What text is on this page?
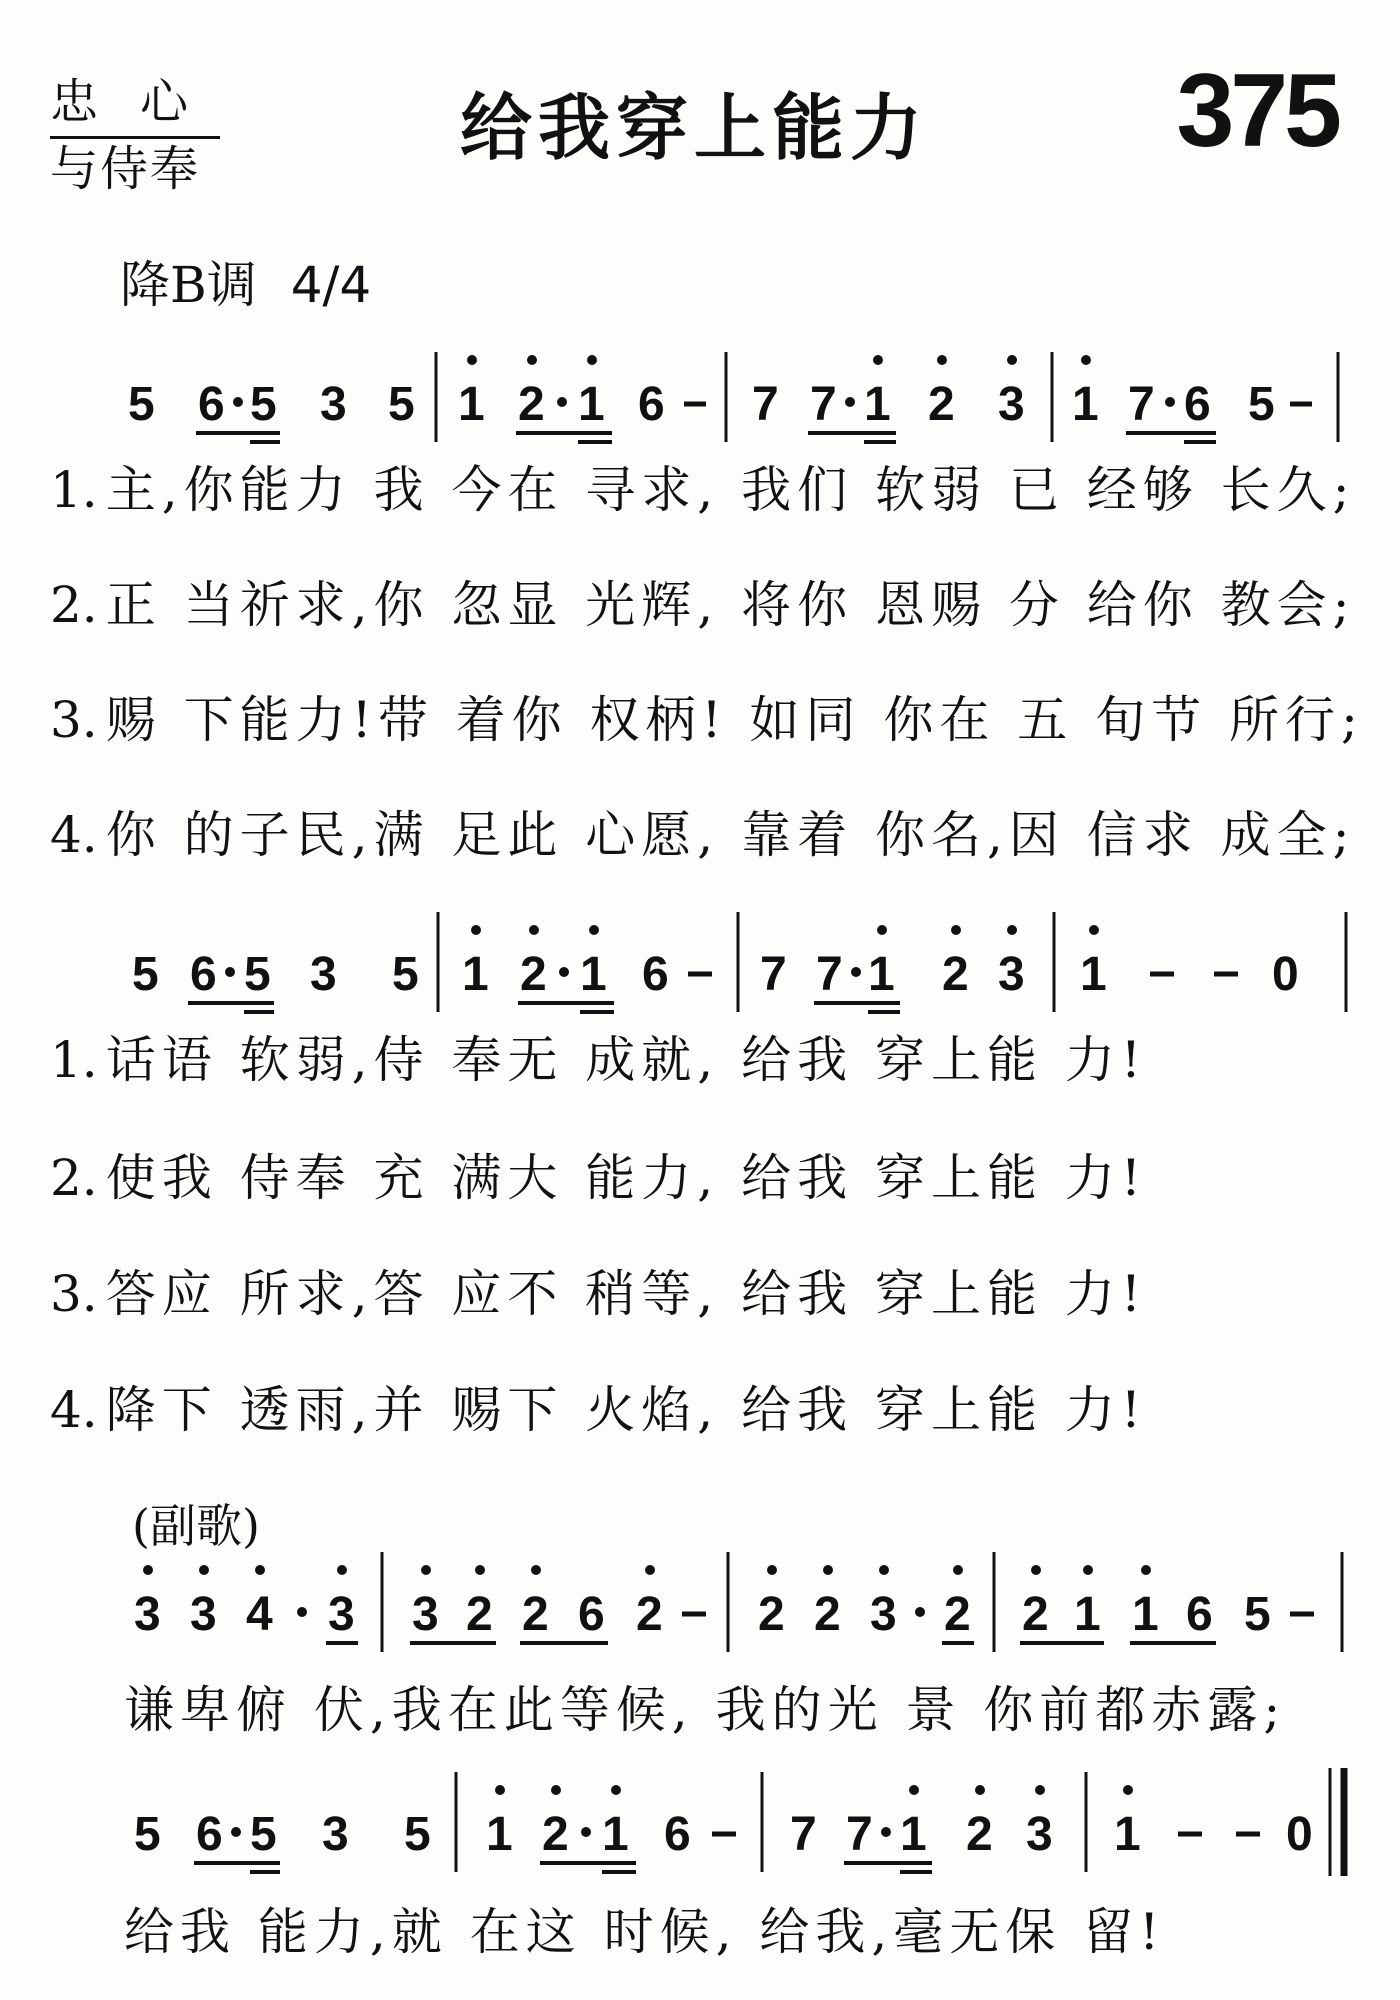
忠心
与侍奉	给我穿上能力 375
降B调 4/4
5 6 5 3 5 1 2 1 6 7 7 1 2 3 1 7 6 5
1. 主,你能力 我 今在 寻求, 我们 软弱 已 经够 长久;
2. 正 当祈求,你 忽显 光辉, 将你 恩赐 分 给你 教会;
3. 赐 下能力!带 着你 权柄! 如同 你在 五 旬节 所行;
4. 你 的子民,满 足此 心愿, 靠着 你名,因 信求 成全;
5 6 5 3 5 1 2 1 6 7 7 1 2 3 1	0
1. 话语 软弱,侍 奉无 成就, 给我 穿上能 力!
2. 使我 侍奉 充 满大 能力, 给我 穿上能 力!
3. 答应 所求,答 应不 稍等, 给我 穿上能 力!
4. 降下 透雨,并 赐下 火焰, 给我 穿上能 力!
(副歌)
3 3 4 3 3 2 2 6 2 2 2 3 2 2 1 1 6 5
谦卑俯 伏,我在此等候, 我的光 景 你前都赤露;
5 6 5 3 5 1 2 1 6 7 7 1 2 3 1	0
给我 能力,就 在这 时候, 给我,毫无保 留!
